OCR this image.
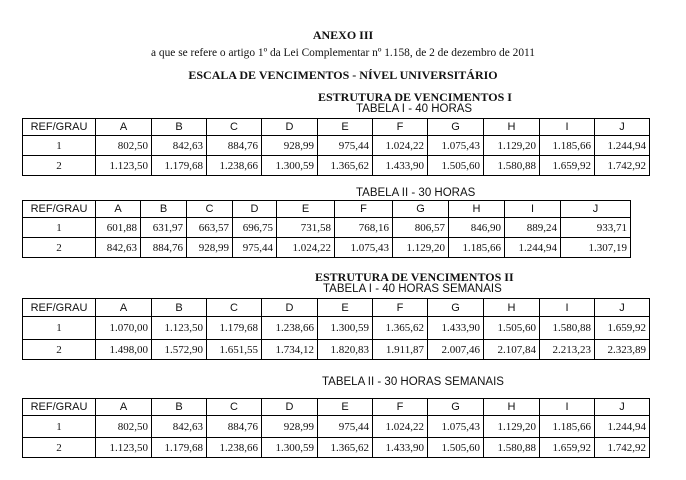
ANEXO III
a que se refere o artigo 1º da Lei Complementar nº 1.158, de 2 de dezembro de 2011
ESCALA DE VENCIMENTOS - NÍVEL UNIVERSITÁRIO
ESTRUTURA DE VENCIMENTOS I
TABELA I - 40 HORAS
REF/GRAU	A	B	C	D	E	F	G	H	I	J
1	802,50	842,63	884,76	928,99	975,44	1.024,22	1.075,43	1.129,20	1.185,66	1.244,94
2	1.123,50	1.179,68	1.238,66	1.300,59	1.365,62	1.433,90	1.505,60	1.580,88	1.659,92	1.742,92
TABELA II - 30 HORAS
REF/GRAU	A	B	C	D	E	F	G	H	I	J
1	601,88	631,97	663,57	696,75	731,58	768,16	806,57	846,90	889,24	933,71
2	842,63	884,76	928,99	975,44	1.024,22	1.075,43	1.129,20	1.185,66	1.244,94	1.307,19
ESTRUTURA DE VENCIMENTOS II
TABELA I - 40 HORAS SEMANAIS
REF/GRAU	A	B	C	D	E	F	G	H	I	J
1	1.070,00	1.123,50	1.179,68	1.238,66	1.300,59	1.365,62	1.433,90	1.505,60	1.580,88	1.659,92
2	1.498,00	1.572,90	1.651,55	1.734,12	1.820,83	1.911,87	2.007,46	2.107,84	2.213,23	2.323,89
TABELA II - 30 HORAS SEMANAIS
REF/GRAU	A	B	C	D	E	F	G	H	I	J
1	802,50	842,63	884,76	928,99	975,44	1.024,22	1.075,43	1.129,20	1.185,66	1.244,94
2	1.123,50	1.179,68	1.238,66	1.300,59	1.365,62	1.433,90	1.505,60	1.580,88	1.659,92	1.742,92
